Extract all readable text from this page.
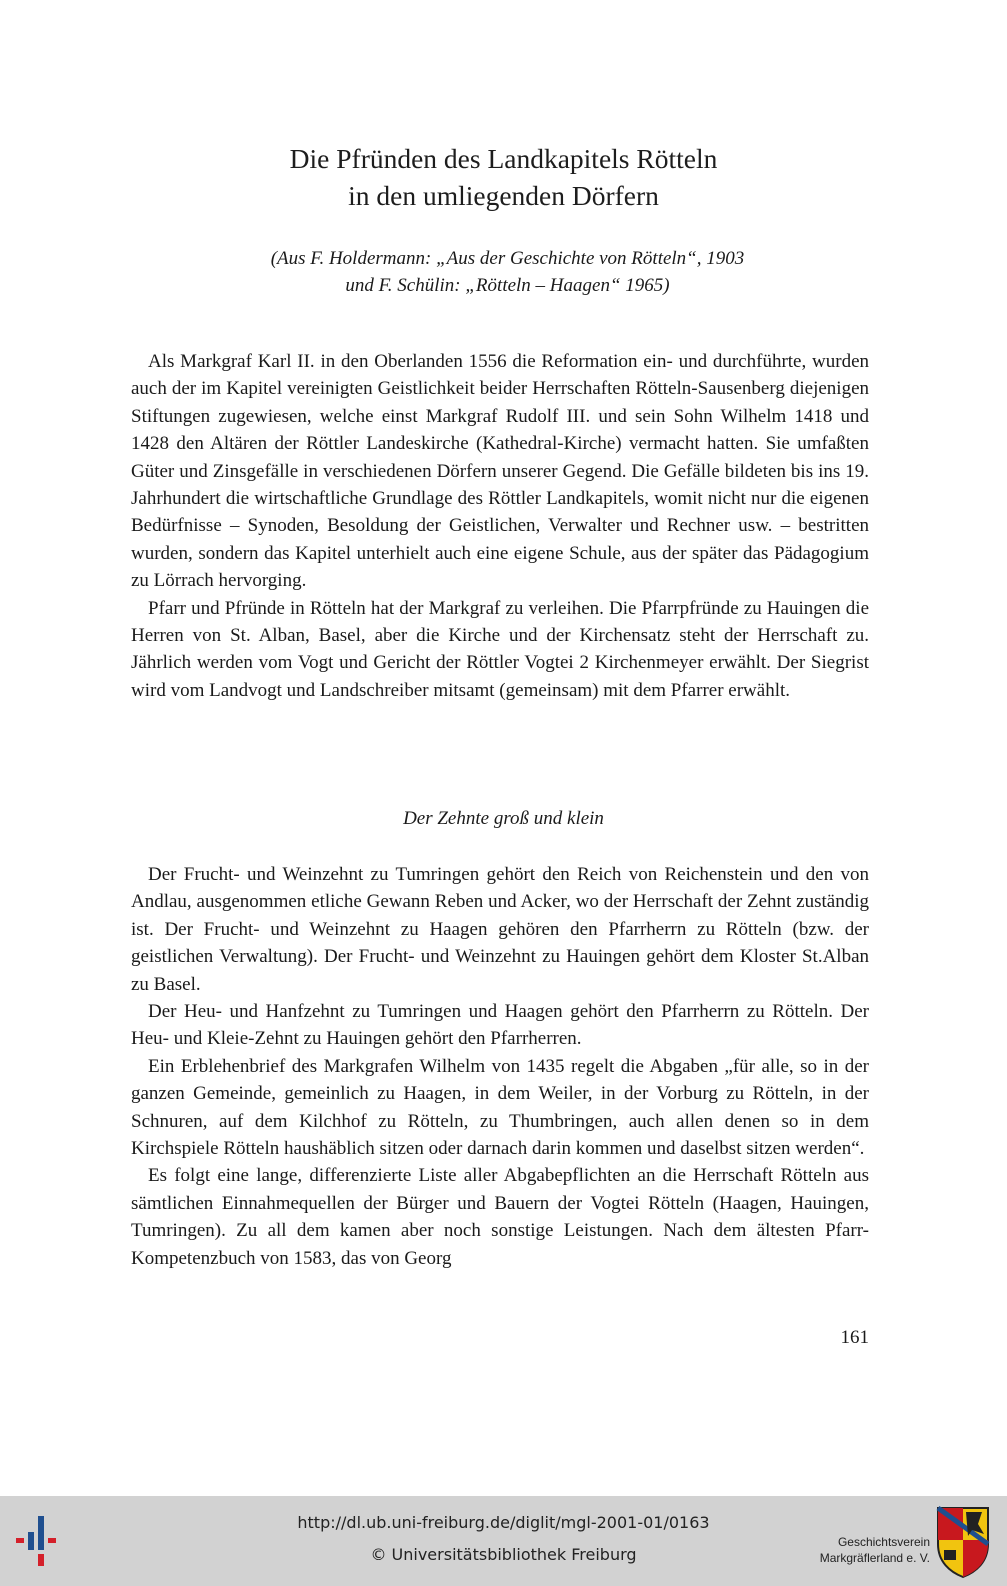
Die Pfründen des Landkapitels Rötteln
in den umliegenden Dörfern
(Aus F. Holdermann: „Aus der Geschichte von Rötteln“, 1903
und F. Schülin: „Rötteln – Haagen“ 1965)

Als Markgraf Karl II. in den Oberlanden 1556 die Reformation ein- und durchführte, wurden auch der im Kapitel vereinigten Geistlichkeit beider Herrschaften Rötteln-Sausenberg diejenigen Stiftungen zugewiesen, welche einst Markgraf Rudolf III. und sein Sohn Wilhelm 1418 und 1428 den Altären der Röttler Landeskirche (Kathedral-Kirche) vermacht hatten. Sie umfaßten Güter und Zinsgefälle in verschiedenen Dörfern unserer Gegend. Die Gefälle bildeten bis ins 19. Jahrhundert die wirtschaftliche Grundlage des Röttler Landkapitels, womit nicht nur die eigenen Bedürfnisse – Synoden, Besoldung der Geistlichen, Verwalter und Rechner usw. – bestritten wurden, sondern das Kapitel unterhielt auch eine eigene Schule, aus der später das Pädagogium zu Lörrach hervorging.

Pfarr und Pfründe in Rötteln hat der Markgraf zu verleihen. Die Pfarrpfründe zu Hauingen die Herren von St. Alban, Basel, aber die Kirche und der Kirchensatz steht der Herrschaft zu. Jährlich werden vom Vogt und Gericht der Röttler Vogtei 2 Kirchenmeyer erwählt. Der Siegrist wird vom Landvogt und Landschreiber mitsamt (gemeinsam) mit dem Pfarrer erwählt.

Der Zehnte groß und klein

Der Frucht- und Weinzehnt zu Tumringen gehört den Reich von Reichenstein und den von Andlau, ausgenommen etliche Gewann Reben und Acker, wo der Herrschaft der Zehnt zuständig ist. Der Frucht- und Weinzehnt zu Haagen gehören den Pfarrherrn zu Rötteln (bzw. der geistlichen Verwaltung). Der Frucht- und Weinzehnt zu Hauingen gehört dem Kloster St.Alban zu Basel.

Der Heu- und Hanfzehnt zu Tumringen und Haagen gehört den Pfarrherrn zu Rötteln. Der Heu- und Kleie-Zehnt zu Hauingen gehört den Pfarrherren.

Ein Erblehenbrief des Markgrafen Wilhelm von 1435 regelt die Abgaben „für alle, so in der ganzen Gemeinde, gemeinlich zu Haagen, in dem Weiler, in der Vorburg zu Rötteln, in der Schnuren, auf dem Kilchhof zu Rötteln, zu Thumbringen, auch allen denen so in dem Kirchspiele Rötteln haushäblich sitzen oder darnach darin kommen und daselbst sitzen werden“.

Es folgt eine lange, differenzierte Liste aller Abgabepflichten an die Herrschaft Rötteln aus sämtlichen Einnahmequellen der Bürger und Bauern der Vogtei Rötteln (Haagen, Hauingen, Tumringen). Zu all dem kamen aber noch sonstige Leistungen. Nach dem ältesten Pfarr-Kompetenzbuch von 1583, das von Georg

161
http://dl.ub.uni-freiburg.de/diglit/mgl-2001-01/0163
© Universitätsbibliothek Freiburg
Geschichtsverein
Markgräflerland e. V.
